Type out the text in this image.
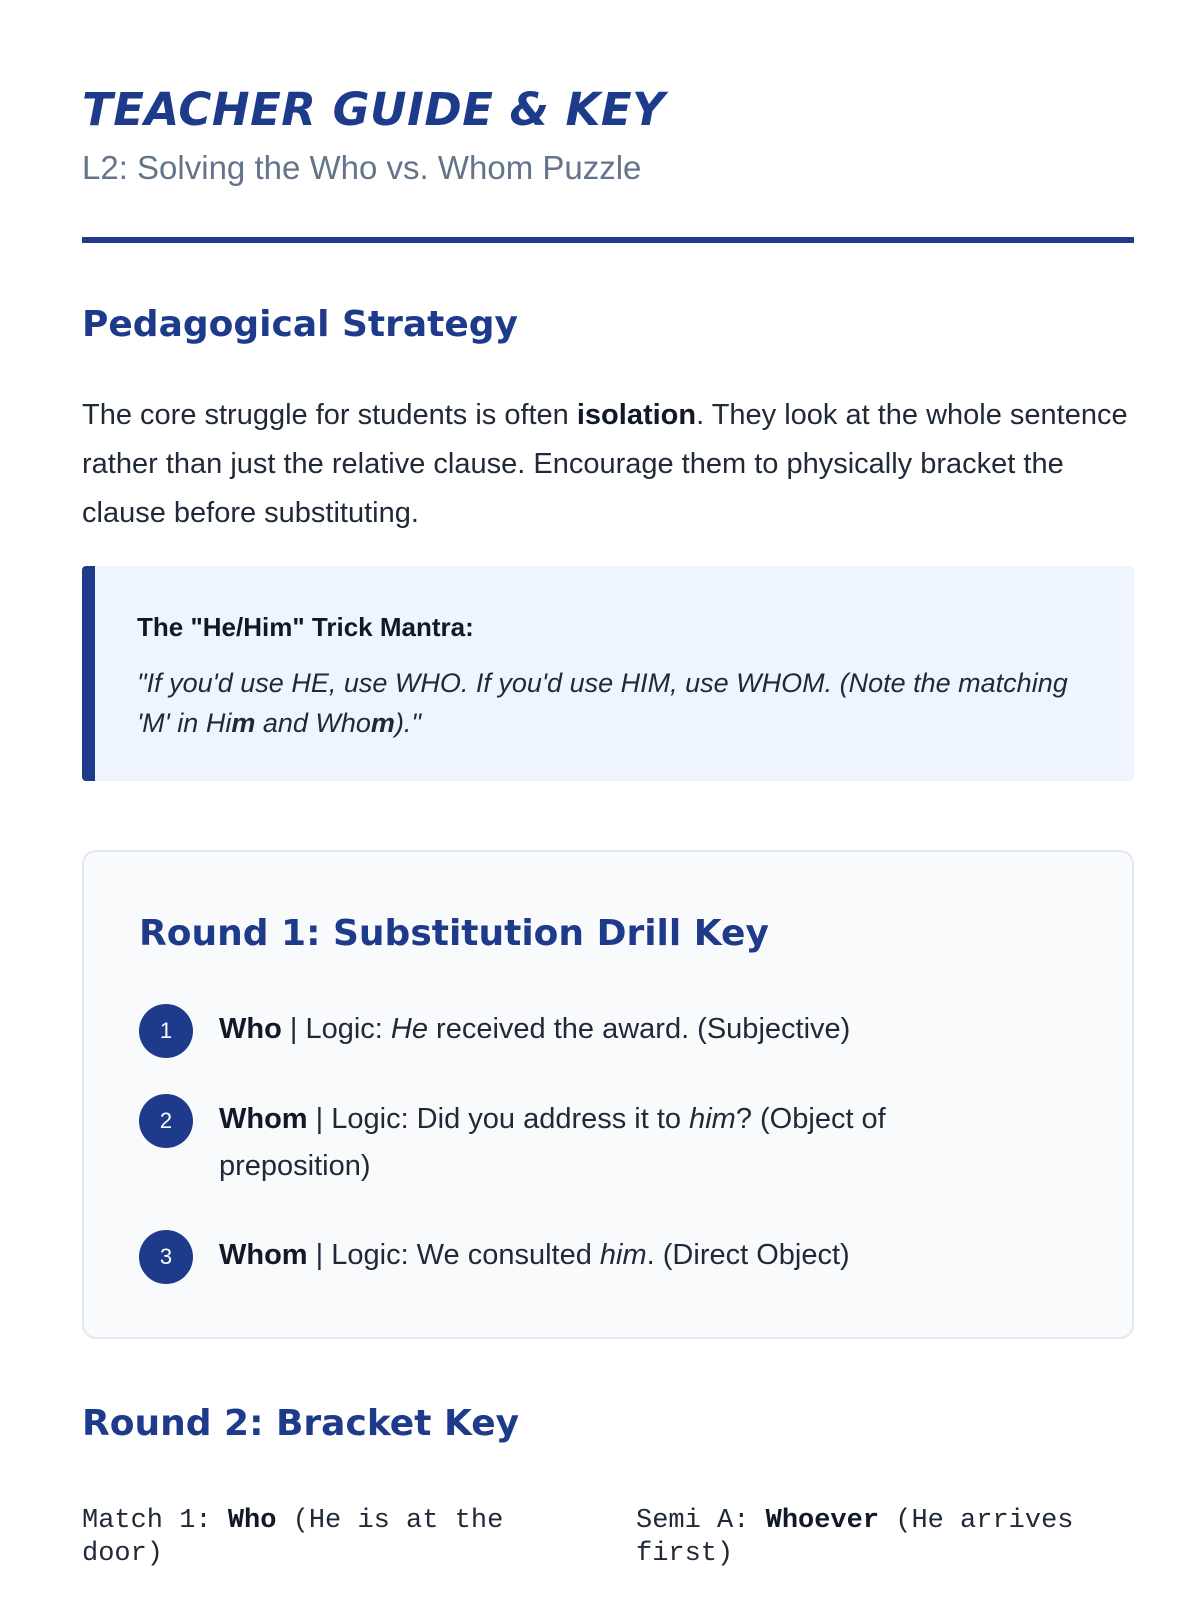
TEACHER GUIDE & KEY
L2: Solving the Who vs. Whom Puzzle
Pedagogical Strategy

The core struggle for students is often isolation. They look at the whole sentence rather than just the relative clause. Encourage them to physically bracket the clause before substituting.

The "He/Him" Trick Mantra:
"If you'd use HE, use WHO. If you'd use HIM, use WHOM. (Note the matching 'M' in Him and Whom)."
Round 1: Substitution Drill Key
1	Who | Logic: He received the award. (Subjective)
2	Whom | Logic: Did you address it to him? (Object of preposition)
3	Whom | Logic: We consulted him. (Direct Object)
Round 2: Bracket Key
Match 1: Who (He is at the door)
Semi A: Whoever (He arrives first)
